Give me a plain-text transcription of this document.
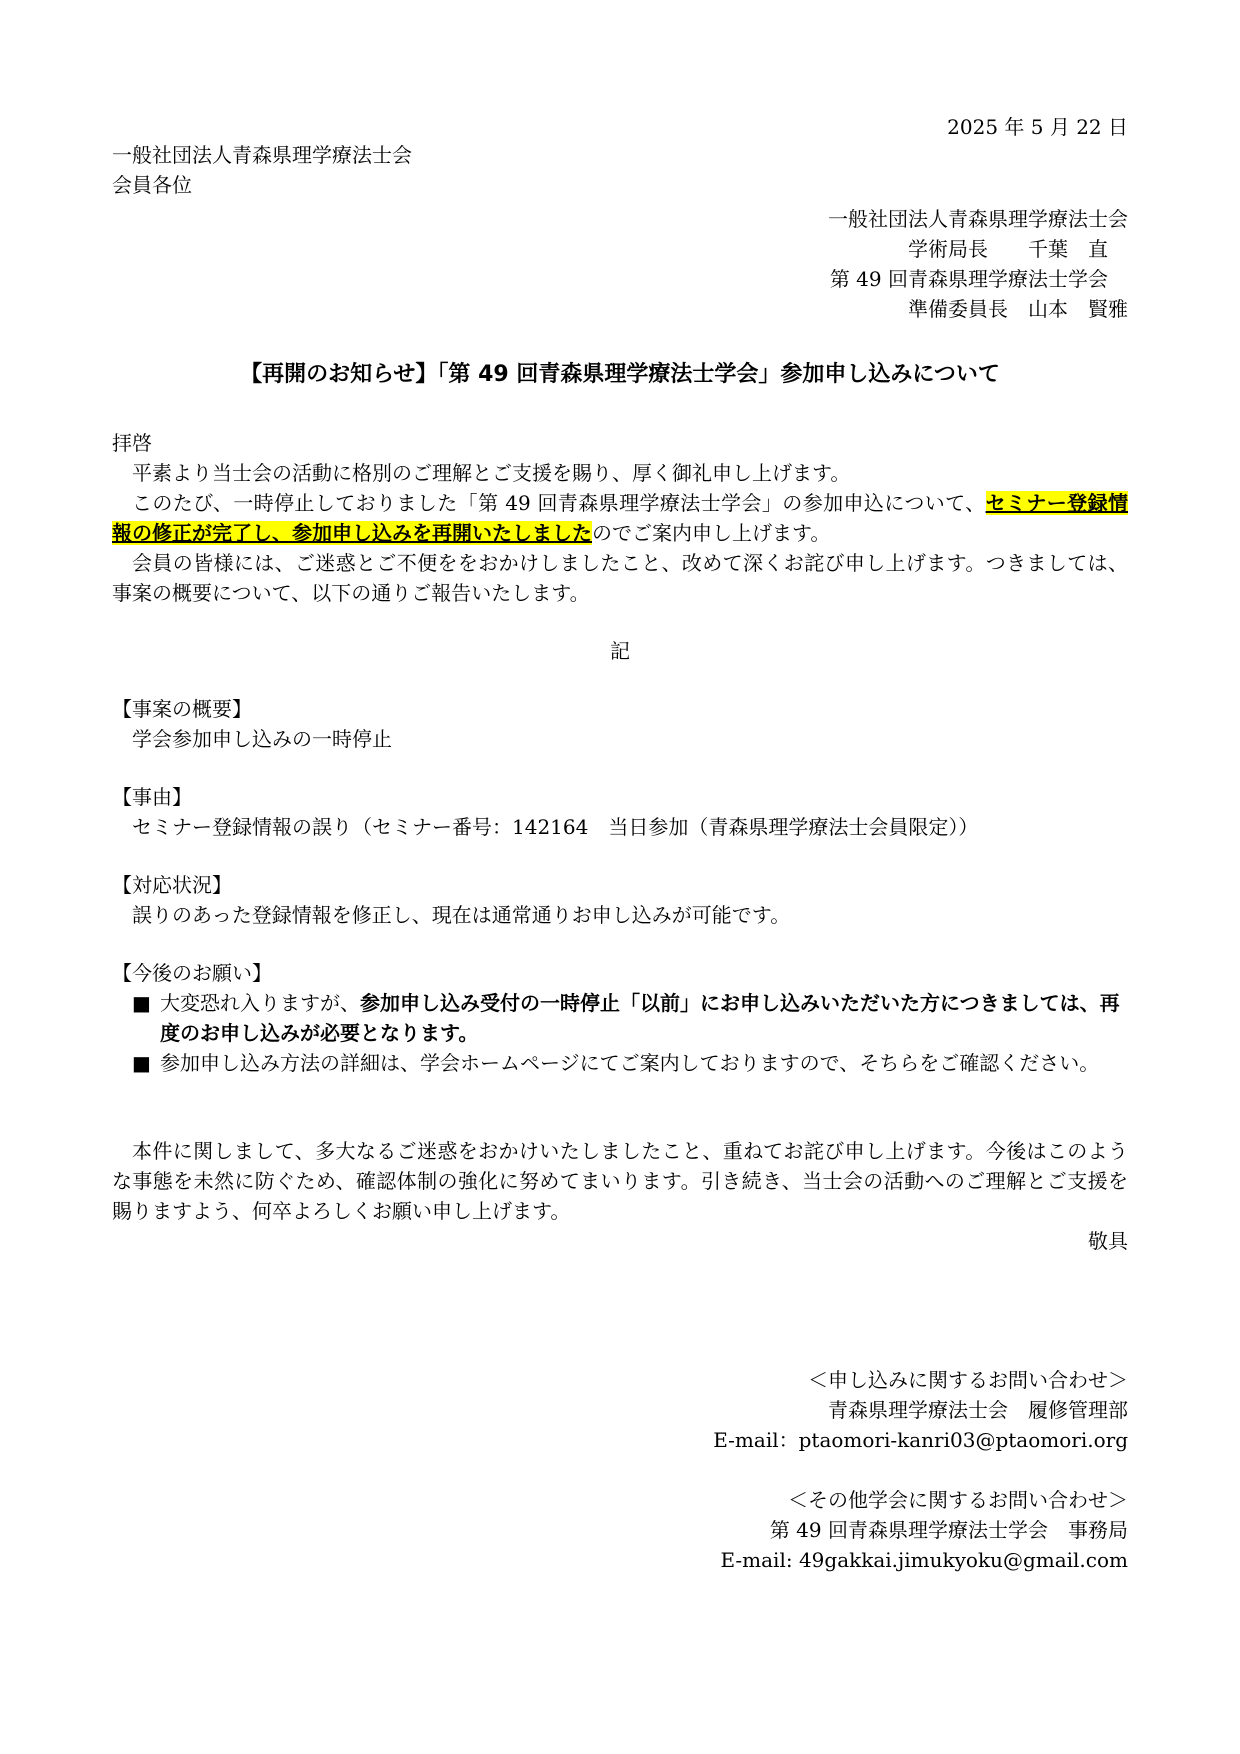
2025 年 5 月 22 日
一般社団法人青森県理学療法士会
会員各位
一般社団法人青森県理学療法士会
学術局長　　千葉　直
第 49 回青森県理学療法士学会
準備委員長　山本　賢雅
【再開のお知らせ】「第 49 回青森県理学療法士学会」参加申し込みについて
拝啓

平素より当士会の活動に格別のご理解とご支援を賜り、厚く御礼申し上げます。

このたび、一時停止しておりました「第 49 回青森県理学療法士学会」の参加申込について、セミナー登録情報の修正が完了し、参加申し込みを再開いたしましたのでご案内申し上げます。

会員の皆様には、ご迷惑とご不便ををおかけしましたこと、改めて深くお詫び申し上げます。つきましては、事案の概要について、以下の通りご報告いたします。

記

【事案の概要】

学会参加申し込みの一時停止

【事由】

セミナー登録情報の誤り（セミナー番号：142164　当日参加（青森県理学療法士会員限定））

【対応状況】

誤りのあった登録情報を修正し、現在は通常通りお申し込みが可能です。

【今後のお願い】

■ 大変恐れ入りますが、参加申し込み受付の一時停止「以前」にお申し込みいただいた方につきましては、再度のお申し込みが必要となります。

■ 参加申し込み方法の詳細は、学会ホームページにてご案内しておりますので、そちらをご確認ください。

本件に関しまして、多大なるご迷惑をおかけいたしましたこと、重ねてお詫び申し上げます。今後はこのような事態を未然に防ぐため、確認体制の強化に努めてまいります。引き続き、当士会の活動へのご理解とご支援を賜りますよう、何卒よろしくお願い申し上げます。

敬具
＜申し込みに関するお問い合わせ＞
青森県理学療法士会　履修管理部
E-mail：ptaomori-kanri03@ptaomori.org
＜その他学会に関するお問い合わせ＞
第 49 回青森県理学療法士学会　事務局
E-mail: 49gakkai.jimukyoku@gmail.com
